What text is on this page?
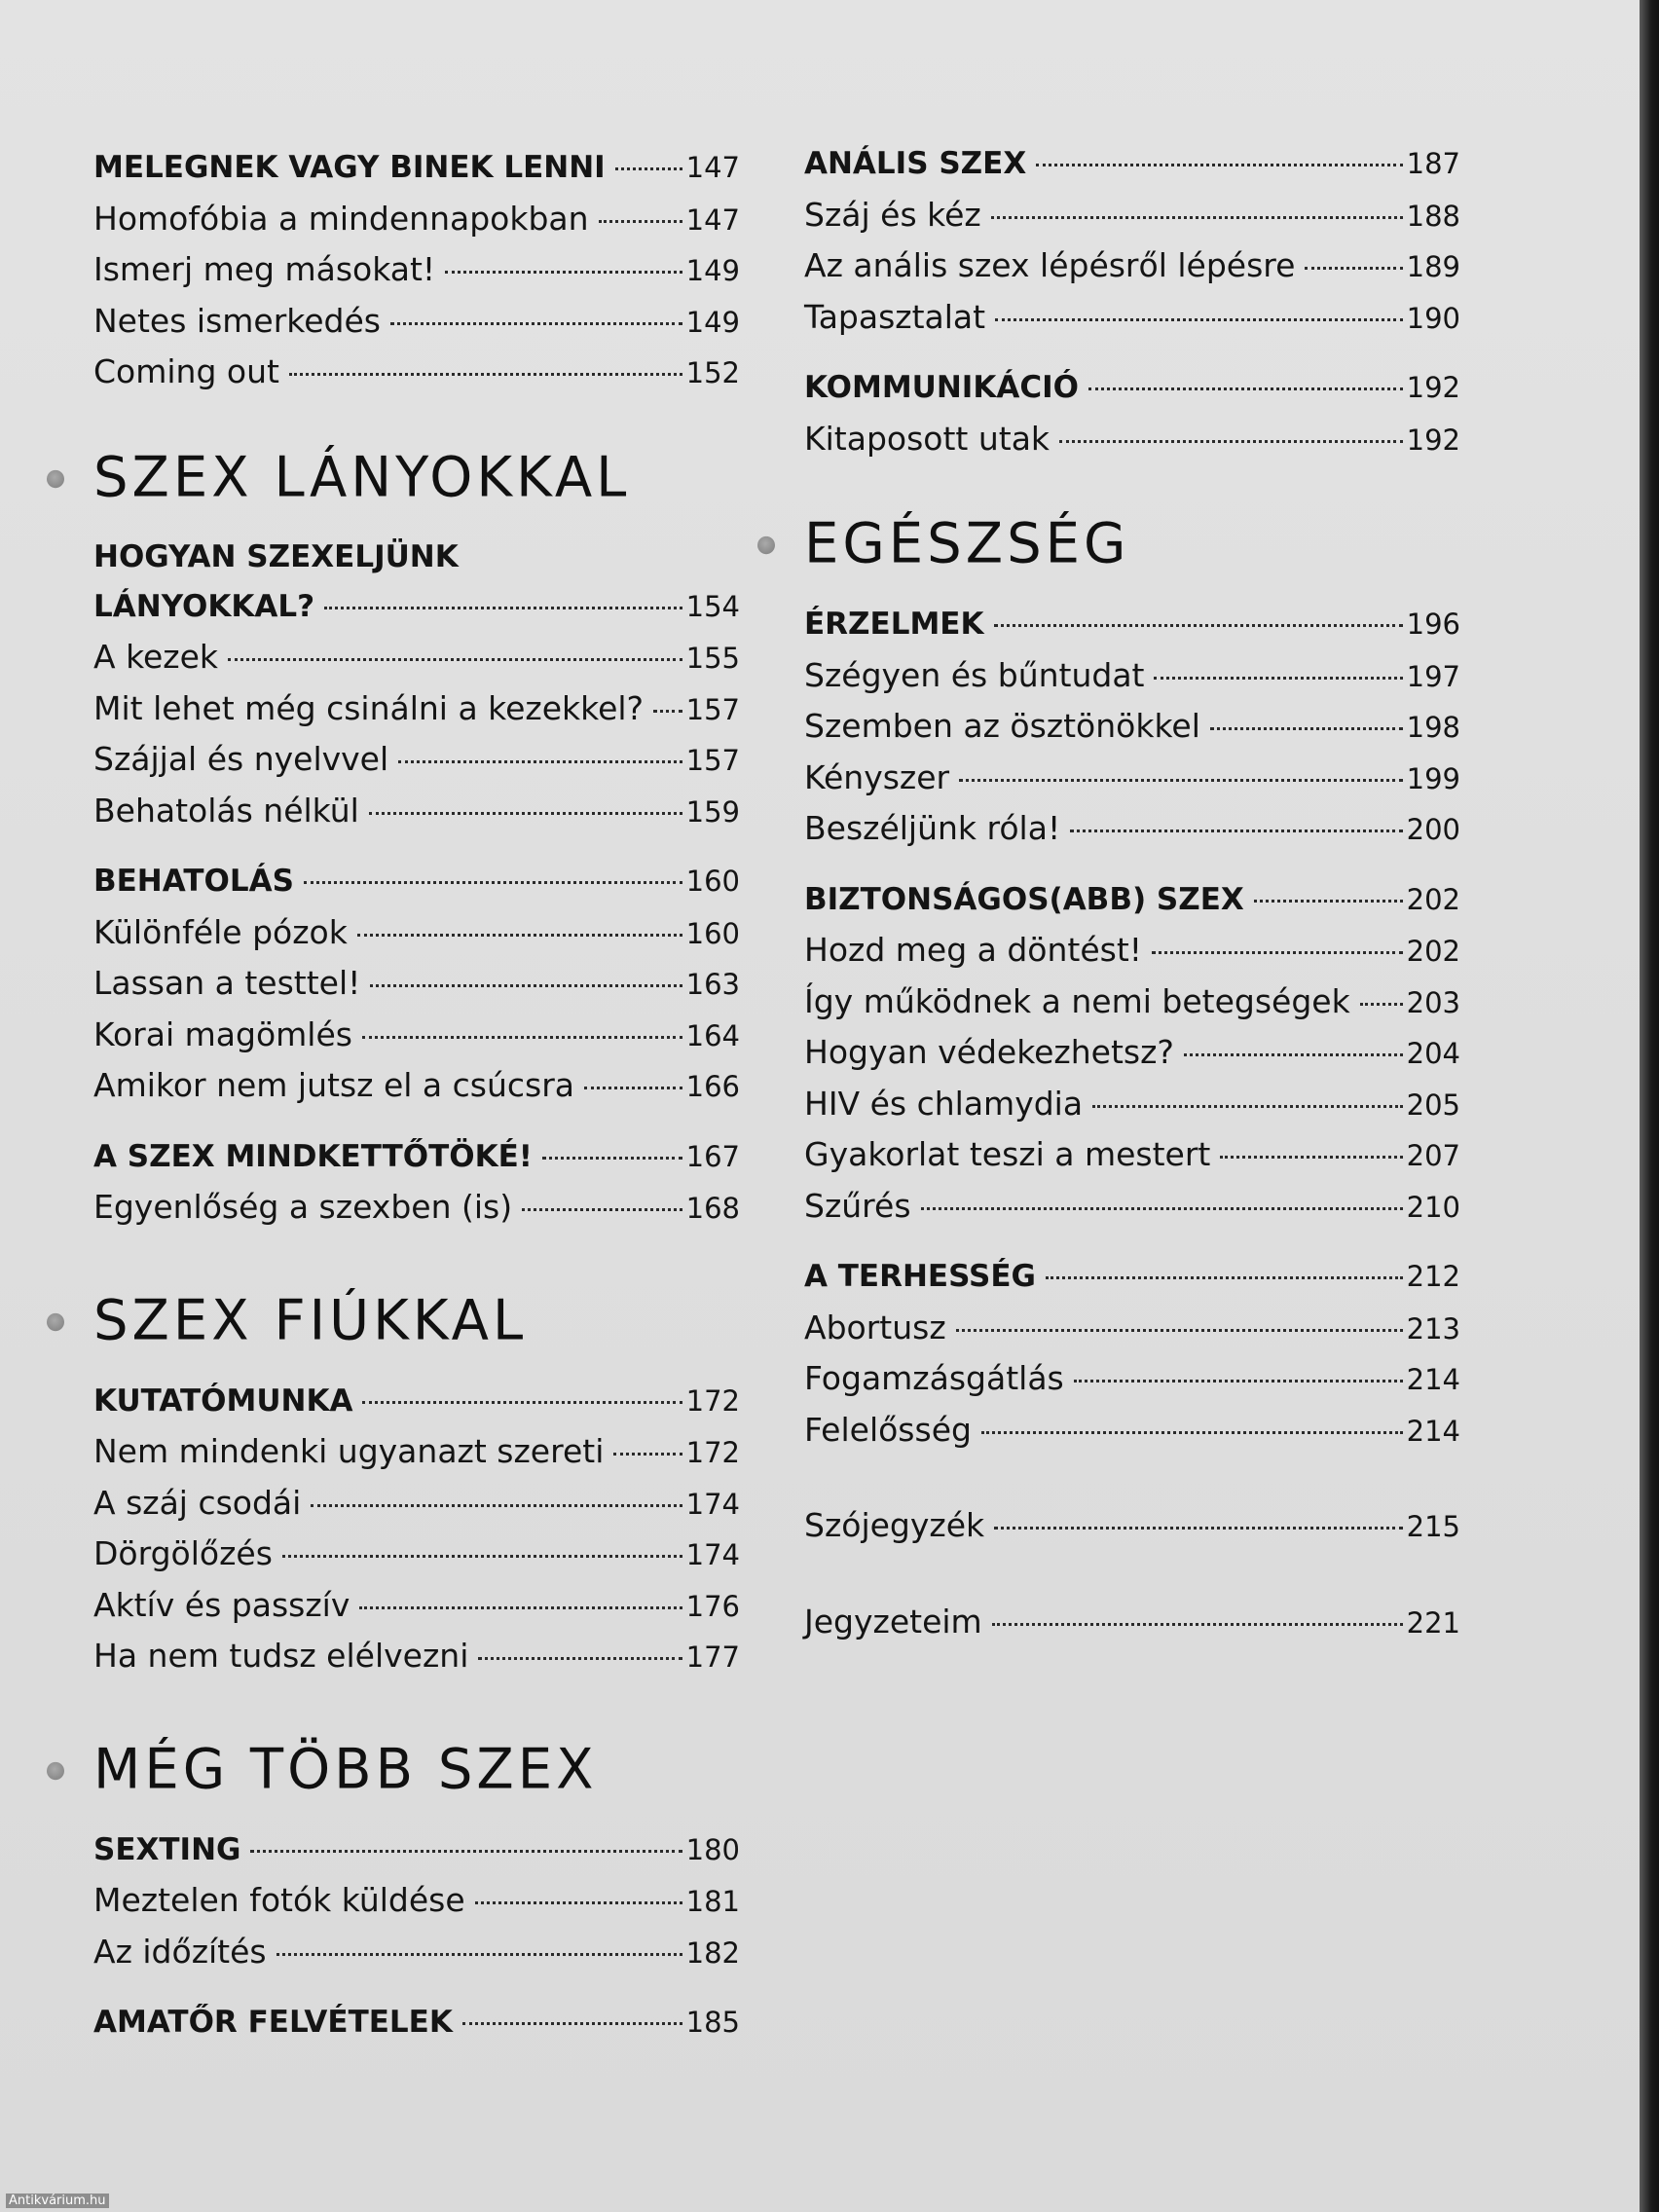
MELEGNEK VAGY BINEK LENNI	147
Homofóbia a mindennapokban	147
Ismerj meg másokat!	149
Netes ismerkedés	149
Coming out	152
SZEX LÁNYOKKAL
HOGYAN SZEXELJÜNK
LÁNYOKKAL?	154
A kezek	155
Mit lehet még csinálni a kezekkel? 157
Szájjal és nyelvvel	157
Behatolás nélkül	159
BEHATOLÁS	160
Különféle pózok	160
Lassan a testtel!	163
Korai magömlés	164
Amikor nem jutsz el a csúcsra	166
A SZEX MINDKETTŐTÖKÉ!	167
Egyenlőség a szexben (is)	168
SZEX FIÚKKAL
KUTATÓMUNKA	172
Nem mindenki ugyanazt szereti	172
A száj csodái	174
Dörgölőzés	174
Aktív és passzív	176
Ha nem tudsz elélvezni	177
MÉG TÖBB SZEX
SEXTING	180
Meztelen fotók küldése	181
Az időzítés	182
AMATŐR FELVÉTELEK	185
ANÁLIS SZEX	187
Száj és kéz	188
Az anális szex lépésről lépésre	189
Tapasztalat	190
KOMMUNIKÁCIÓ	192
Kitaposott utak	192
EGÉSZSÉG
ÉRZELMEK	196
Szégyen és bűntudat	197
Szemben az ösztönökkel	198
Kényszer	199
Beszéljünk róla!	200
BIZTONSÁGOS(ABB) SZEX	202
Hozd meg a döntést!	202
Így működnek a nemi betegségek 203
Hogyan védekezhetsz?	204
HIV és chlamydia	205
Gyakorlat teszi a mestert	207
Szűrés	210
A TERHESSÉG	212
Abortusz	213
Fogamzásgátlás	214
Felelősség	214
Szójegyzék	215
Jegyzeteim	221
Antikvárium.hu
